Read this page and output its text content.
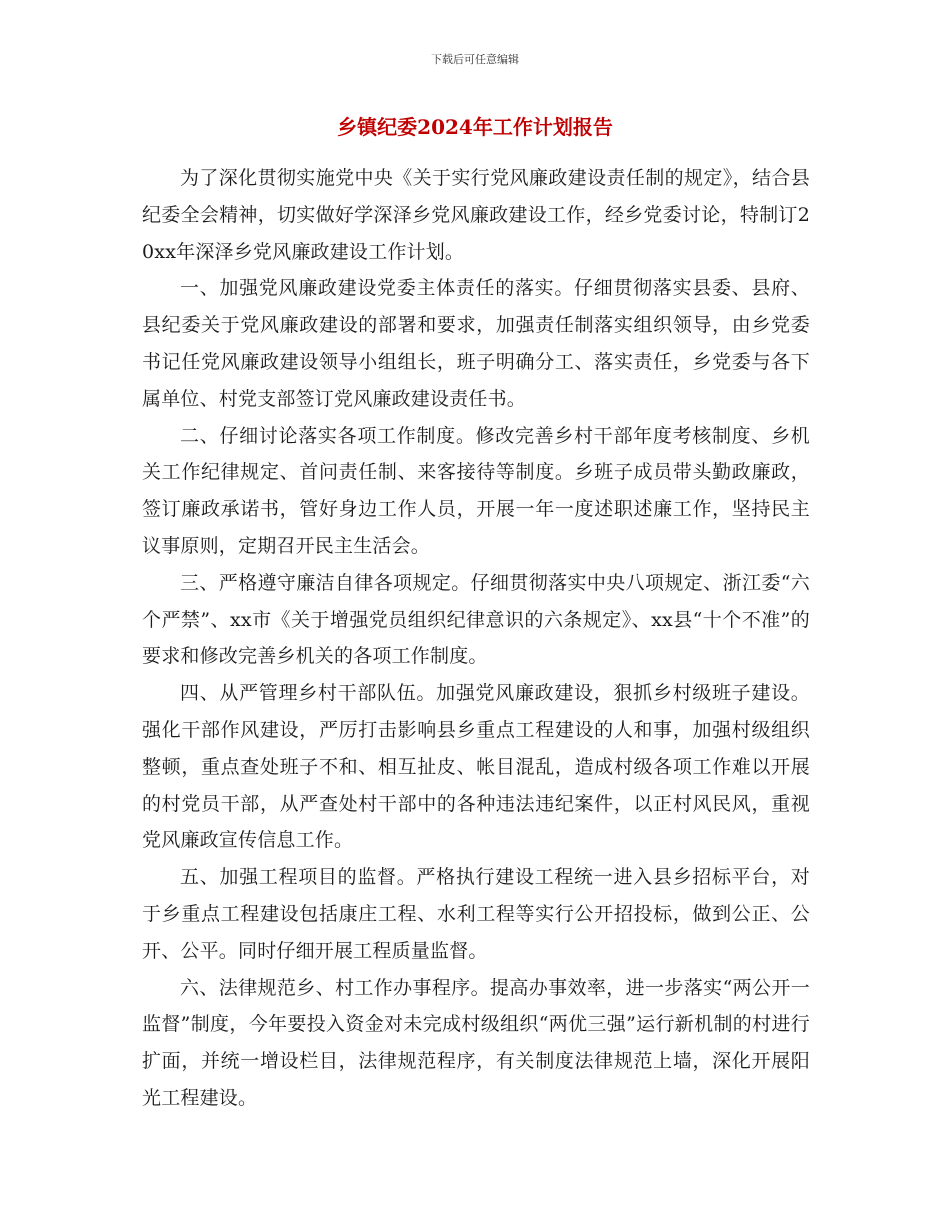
下载后可任意编辑
乡镇纪委2024年工作计划报告

为了深化贯彻实施党中央《关于实行党风廉政建设责任制的规定》，结合县纪委全会精神，切实做好学深泽乡党风廉政建设工作，经乡党委讨论，特制订20xx年深泽乡党风廉政建设工作计划。

一、加强党风廉政建设党委主体责任的落实。仔细贯彻落实县委、县府、县纪委关于党风廉政建设的部署和要求，加强责任制落实组织领导，由乡党委书记任党风廉政建设领导小组组长，班子明确分工、落实责任，乡党委与各下属单位、村党支部签订党风廉政建设责任书。

二、仔细讨论落实各项工作制度。修改完善乡村干部年度考核制度、乡机关工作纪律规定、首问责任制、来客接待等制度。乡班子成员带头勤政廉政，签订廉政承诺书，管好身边工作人员，开展一年一度述职述廉工作，坚持民主议事原则，定期召开民主生活会。

三、严格遵守廉洁自律各项规定。仔细贯彻落实中央八项规定、浙江委“六个严禁”、xx市《关于增强党员组织纪律意识的六条规定》、xx县“十个不准”的要求和修改完善乡机关的各项工作制度。

四、从严管理乡村干部队伍。加强党风廉政建设，狠抓乡村级班子建设。强化干部作风建设，严厉打击影响县乡重点工程建设的人和事，加强村级组织整顿，重点查处班子不和、相互扯皮、帐目混乱，造成村级各项工作难以开展的村党员干部，从严查处村干部中的各种违法违纪案件，以正村风民风，重视党风廉政宣传信息工作。

五、加强工程项目的监督。严格执行建设工程统一进入县乡招标平台，对于乡重点工程建设包括康庄工程、水利工程等实行公开招投标，做到公正、公开、公平。同时仔细开展工程质量监督。

六、法律规范乡、村工作办事程序。提高办事效率，进一步落实“两公开一监督”制度，今年要投入资金对未完成村级组织“两优三强”运行新机制的村进行扩面，并统一增设栏目，法律规范程序，有关制度法律规范上墙，深化开展阳光工程建设。
